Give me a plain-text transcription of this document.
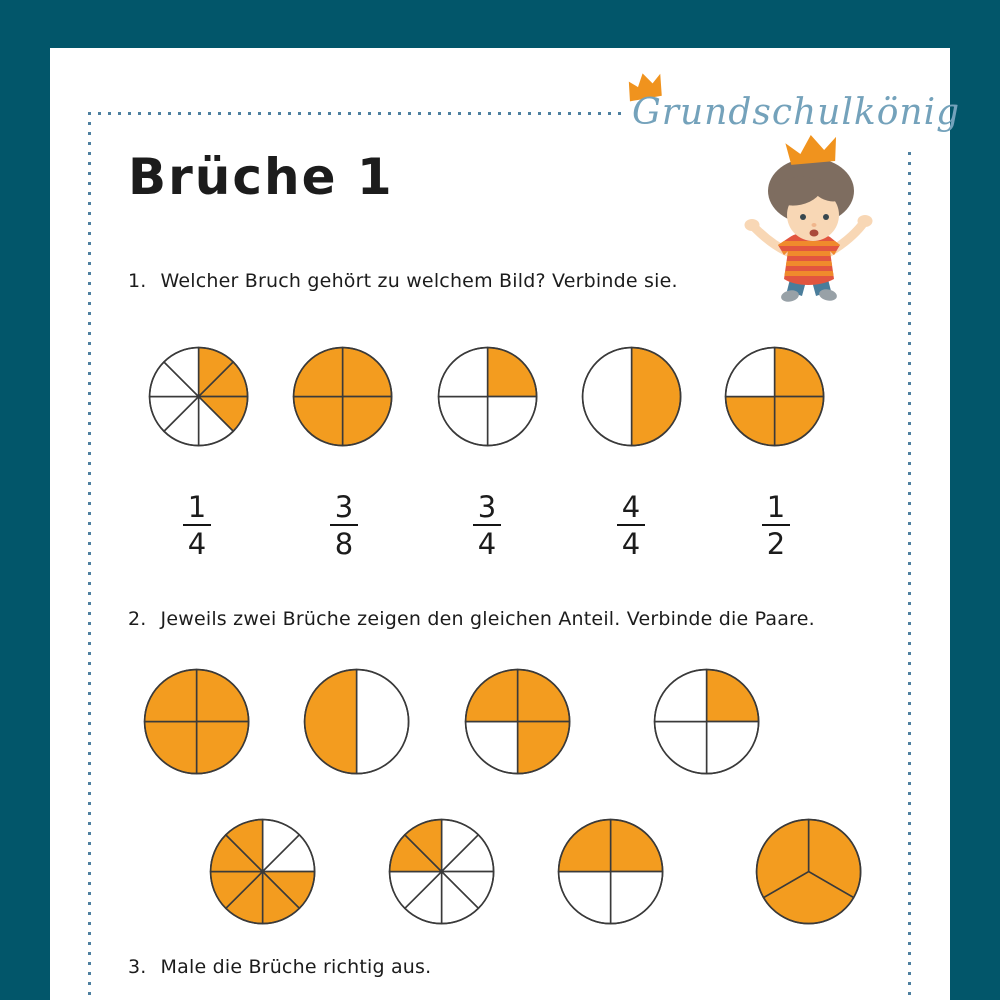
Grundschulkönig
Brüche 1
1. Welcher Bruch gehört zu welchem Bild? Verbinde sie.
1
4
3
8
3
4
4
4
1
2
2. Jeweils zwei Brüche zeigen den gleichen Anteil. Verbinde die Paare.
3. Male die Brüche richtig aus.
